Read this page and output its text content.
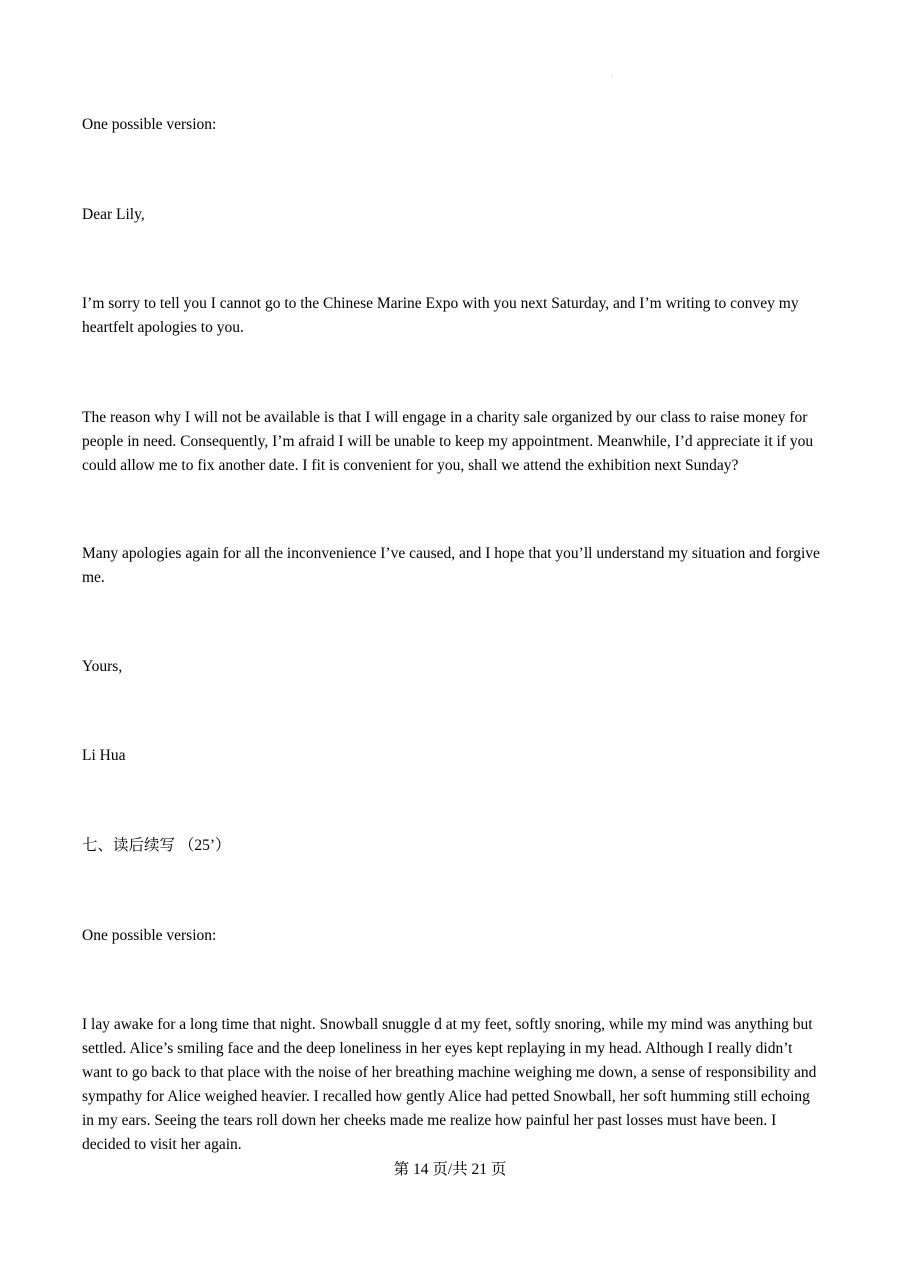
One possible version:

Dear Lily,

I’m sorry to tell you I cannot go to the Chinese Marine Expo with you next Saturday, and I’m writing to convey my heartfelt apologies to you.

The reason why I will not be available is that I will engage in a charity sale organized by our class to raise money for people in need. Consequently, I’m afraid I will be unable to keep my appointment. Meanwhile, I’d appreciate it if you could allow me to fix another date. I fit is convenient for you, shall we attend the exhibition next Sunday?

Many apologies again for all the inconvenience I’ve caused, and I hope that you’ll understand my situation and forgive me.

Yours,

Li Hua

七、读后续写 （25’）

One possible version:

I lay awake for a long time that night. Snowball snuggle d at my feet, softly snoring, while my mind was anything but settled. Alice’s smiling face and the deep loneliness in her eyes kept replaying in my head. Although I really didn’t want to go back to that place with the noise of her breathing machine weighing me down, a sense of responsibility and sympathy for Alice weighed heavier. I recalled how gently Alice had petted Snowball, her soft humming still echoing in my ears. Seeing the tears roll down her cheeks made me realize how painful her past losses must have been. I decided to visit her again.

第 14 页/共 21 页
